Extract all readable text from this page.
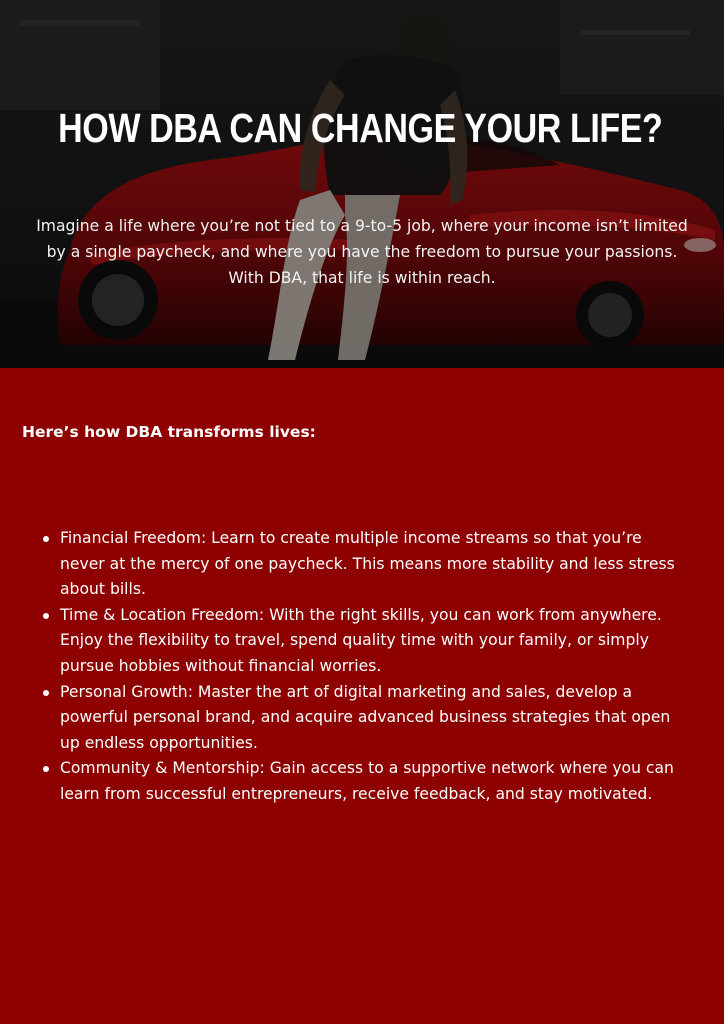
HOW DBA CAN CHANGE YOUR LIFE?

Imagine a life where you’re not tied to a 9-to-5 job, where your income isn’t limited by a single paycheck, and where you have the freedom to pursue your passions. With DBA, that life is within reach.

Here’s how DBA transforms lives:
Financial Freedom: Learn to create multiple income streams so that you’re never at the mercy of one paycheck. This means more stability and less stress about bills.
Time & Location Freedom: With the right skills, you can work from anywhere. Enjoy the flexibility to travel, spend quality time with your family, or simply pursue hobbies without financial worries.
Personal Growth: Master the art of digital marketing and sales, develop a powerful personal brand, and acquire advanced business strategies that open up endless opportunities.
Community & Mentorship: Gain access to a supportive network where you can learn from successful entrepreneurs, receive feedback, and stay motivated.
